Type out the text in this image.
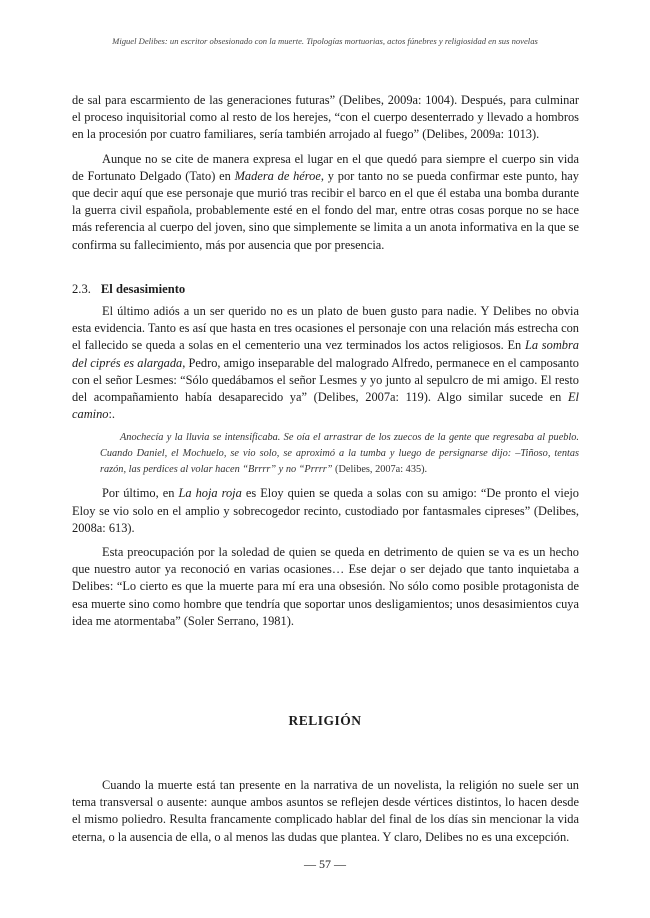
Miguel Delibes: un escritor obsesionado con la muerte. Tipologías mortuorias, actos fúnebres y religiosidad en sus novelas

de sal para escarmiento de las generaciones futuras” (Delibes, 2009a: 1004). Después, para culminar el proceso inquisitorial como al resto de los herejes, “con el cuerpo desenterrado y llevado a hombros en la procesión por cuatro familiares, sería también arrojado al fuego” (Delibes, 2009a: 1013).

Aunque no se cite de manera expresa el lugar en el que quedó para siempre el cuerpo sin vida de Fortunato Delgado (Tato) en Madera de héroe, y por tanto no se pueda confirmar este punto, hay que decir aquí que ese personaje que murió tras recibir el barco en el que él estaba una bomba durante la guerra civil española, probablemente esté en el fondo del mar, entre otras cosas porque no se hace más referencia al cuerpo del joven, sino que simplemente se limita a un anota informativa en la que se confirma su fallecimiento, más por ausencia que por presencia.

2.3. El desasimiento

El último adiós a un ser querido no es un plato de buen gusto para nadie. Y Delibes no obvia esta evidencia. Tanto es así que hasta en tres ocasiones el personaje con una relación más estrecha con el fallecido se queda a solas en el cementerio una vez terminados los actos religiosos. En La sombra del ciprés es alargada, Pedro, amigo inseparable del malogrado Alfredo, permanece en el camposanto con el señor Lesmes: “Sólo quedábamos el señor Lesmes y yo junto al sepulcro de mi amigo. El resto del acompañamiento había desaparecido ya” (Delibes, 2007a: 119). Algo similar sucede en El camino:.

Anochecía y la lluvia se intensificaba. Se oía el arrastrar de los zuecos de la gente que regresaba al pueblo. Cuando Daniel, el Mochuelo, se vio solo, se aproximó a la tumba y luego de persignarse dijo: –Tiñoso, tentas razón, las perdices al volar hacen “Brrrr” y no “Prrrr” (Delibes, 2007a: 435).

Por último, en La hoja roja es Eloy quien se queda a solas con su amigo: “De pronto el viejo Eloy se vio solo en el amplio y sobrecogedor recinto, custodiado por fantasmales cipreses” (Delibes, 2008a: 613).

Esta preocupación por la soledad de quien se queda en detrimento de quien se va es un hecho que nuestro autor ya reconoció en varias ocasiones… Ese dejar o ser dejado que tanto inquietaba a Delibes: “Lo cierto es que la muerte para mí era una obsesión. No sólo como posible protagonista de esa muerte sino como hombre que tendría que soportar unos desligamientos; unos desasimientos cuya idea me atormentaba” (Soler Serrano, 1981).

RELIGIÓN

Cuando la muerte está tan presente en la narrativa de un novelista, la religión no suele ser un tema transversal o ausente: aunque ambos asuntos se reflejen desde vértices distintos, lo hacen desde el mismo poliedro. Resulta francamente complicado hablar del final de los días sin mencionar la vida eterna, o la ausencia de ella, o al menos las dudas que plantea. Y claro, Delibes no es una excepción.

— 57 —
